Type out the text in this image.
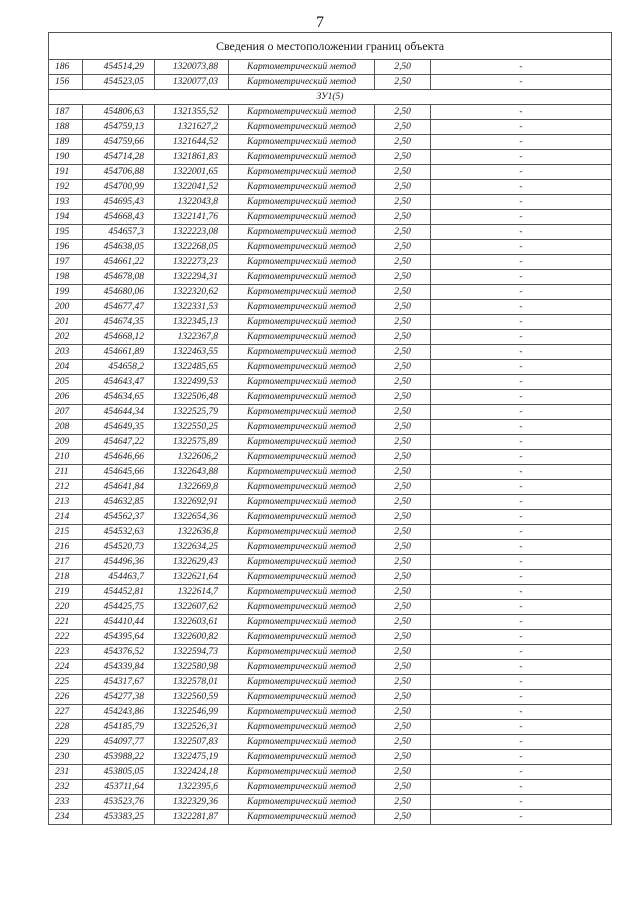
7
Сведения о местоположении границ объекта					
186	454514,29	1320073,88	Картометрический метод	2,50	-
156	454523,05	1320077,03	Картометрический метод	2,50	-
ЗУ1(5)					
187	454806,63	1321355,52	Картометрический метод	2,50	-
188	454759,13	1321627,2	Картометрический метод	2,50	-
189	454759,66	1321644,52	Картометрический метод	2,50	-
190	454714,28	1321861,83	Картометрический метод	2,50	-
191	454706,88	1322001,65	Картометрический метод	2,50	-
192	454700,99	1322041,52	Картометрический метод	2,50	-
193	454695,43	1322043,8	Картометрический метод	2,50	-
194	454668,43	1322141,76	Картометрический метод	2,50	-
195	454657,3	1322223,08	Картометрический метод	2,50	-
196	454638,05	1322268,05	Картометрический метод	2,50	-
197	454661,22	1322273,23	Картометрический метод	2,50	-
198	454678,08	1322294,31	Картометрический метод	2,50	-
199	454680,06	1322320,62	Картометрический метод	2,50	-
200	454677,47	1322331,53	Картометрический метод	2,50	-
201	454674,35	1322345,13	Картометрический метод	2,50	-
202	454668,12	1322367,8	Картометрический метод	2,50	-
203	454661,89	1322463,55	Картометрический метод	2,50	-
204	454658,2	1322485,65	Картометрический метод	2,50	-
205	454643,47	1322499,53	Картометрический метод	2,50	-
206	454634,65	1322506,48	Картометрический метод	2,50	-
207	454644,34	1322525,79	Картометрический метод	2,50	-
208	454649,35	1322550,25	Картометрический метод	2,50	-
209	454647,22	1322575,89	Картометрический метод	2,50	-
210	454646,66	1322606,2	Картометрический метод	2,50	-
211	454645,66	1322643,88	Картометрический метод	2,50	-
212	454641,84	1322669,8	Картометрический метод	2,50	-
213	454632,85	1322692,91	Картометрический метод	2,50	-
214	454562,37	1322654,36	Картометрический метод	2,50	-
215	454532,63	1322636,8	Картометрический метод	2,50	-
216	454520,73	1322634,25	Картометрический метод	2,50	-
217	454496,36	1322629,43	Картометрический метод	2,50	-
218	454463,7	1322621,64	Картометрический метод	2,50	-
219	454452,81	1322614,7	Картометрический метод	2,50	-
220	454425,75	1322607,62	Картометрический метод	2,50	-
221	454410,44	1322603,61	Картометрический метод	2,50	-
222	454395,64	1322600,82	Картометрический метод	2,50	-
223	454376,52	1322594,73	Картометрический метод	2,50	-
224	454339,84	1322580,98	Картометрический метод	2,50	-
225	454317,67	1322578,01	Картометрический метод	2,50	-
226	454277,38	1322560,59	Картометрический метод	2,50	-
227	454243,86	1322546,99	Картометрический метод	2,50	-
228	454185,79	1322526,31	Картометрический метод	2,50	-
229	454097,77	1322507,83	Картометрический метод	2,50	-
230	453988,22	1322475,19	Картометрический метод	2,50	-
231	453805,05	1322424,18	Картометрический метод	2,50	-
232	453711,64	1322395,6	Картометрический метод	2,50	-
233	453523,76	1322329,36	Картометрический метод	2,50	-
234	453383,25	1322281,87	Картометрический метод	2,50	-
